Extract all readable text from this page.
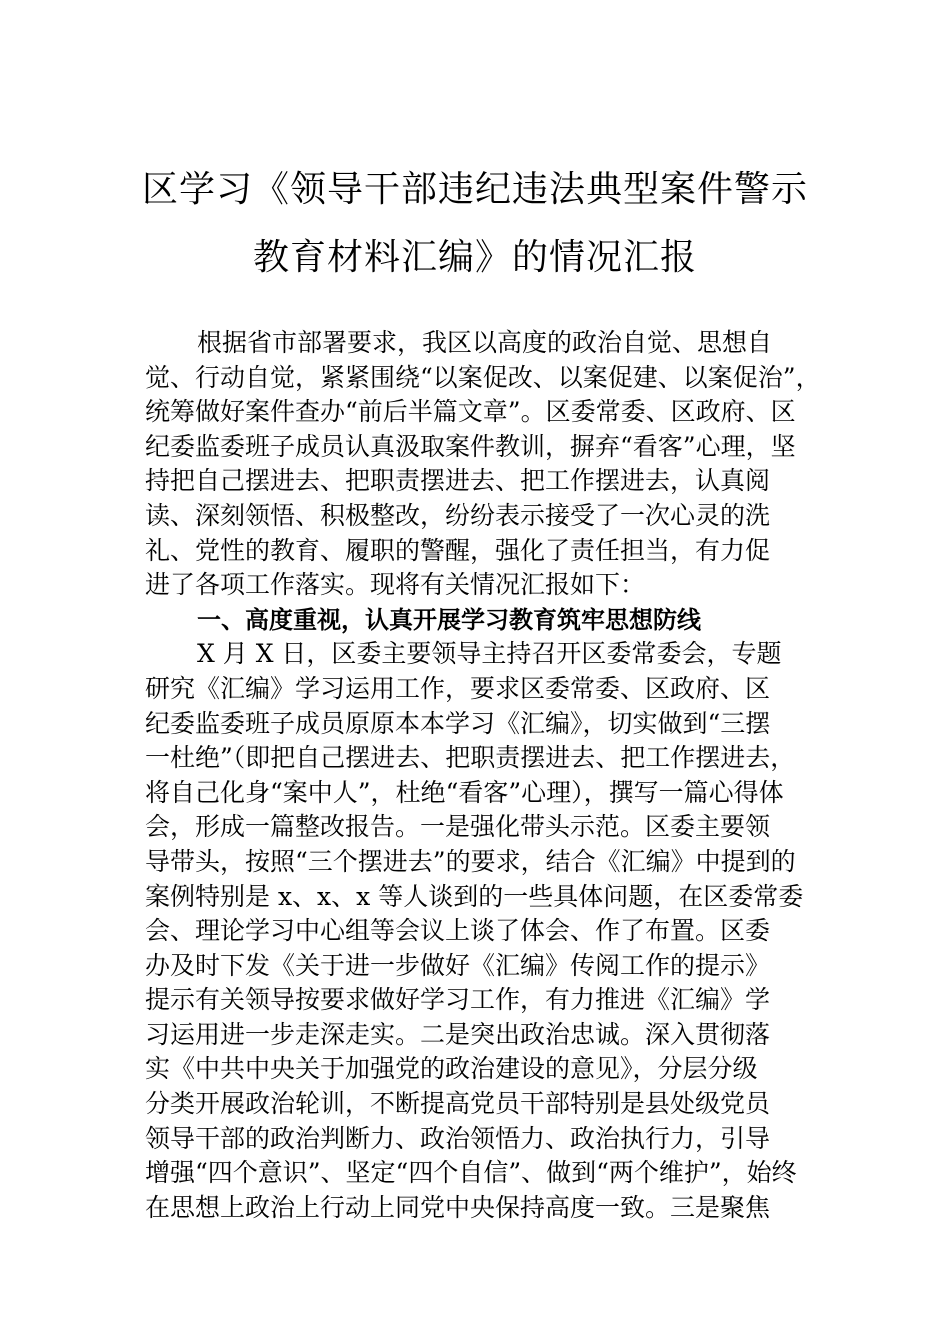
区学习《领导干部违纪违法典型案件警示
教育材料汇编》的情况汇报
根据省市部署要求，我区以高度的政治自觉、思想自
觉、行动自觉，紧紧围绕“以案促改、以案促建、以案促治”，
统筹做好案件查办“前后半篇文章”。区委常委、区政府、区
纪委监委班子成员认真汲取案件教训，摒弃“看客”心理，坚
持把自己摆进去、把职责摆进去、把工作摆进去，认真阅
读、深刻领悟、积极整改，纷纷表示接受了一次心灵的洗
礼、党性的教育、履职的警醒，强化了责任担当，有力促
进了各项工作落实。现将有关情况汇报如下：
一、高度重视，认真开展学习教育筑牢思想防线
X 月 X 日，区委主要领导主持召开区委常委会，专题
研究《汇编》学习运用工作，要求区委常委、区政府、区
纪委监委班子成员原原本本学习《汇编》，切实做到“三摆
一杜绝”（即把自己摆进去、把职责摆进去、把工作摆进去，
将自己化身“案中人”，杜绝“看客”心理），撰写一篇心得体
会，形成一篇整改报告。一是强化带头示范。区委主要领
导带头，按照“三个摆进去”的要求，结合《汇编》中提到的
案例特别是 x、x、x 等人谈到的一些具体问题，在区委常委
会、理论学习中心组等会议上谈了体会、作了布置。区委
办及时下发《关于进一步做好《汇编》传阅工作的提示》
提示有关领导按要求做好学习工作，有力推进《汇编》学
习运用进一步走深走实。二是突出政治忠诚。深入贯彻落
实《中共中央关于加强党的政治建设的意见》，分层分级
分类开展政治轮训，不断提高党员干部特别是县处级党员
领导干部的政治判断力、政治领悟力、政治执行力，引导
增强“四个意识”、坚定“四个自信”、做到“两个维护”，始终
在思想上政治上行动上同党中央保持高度一致。三是聚焦
